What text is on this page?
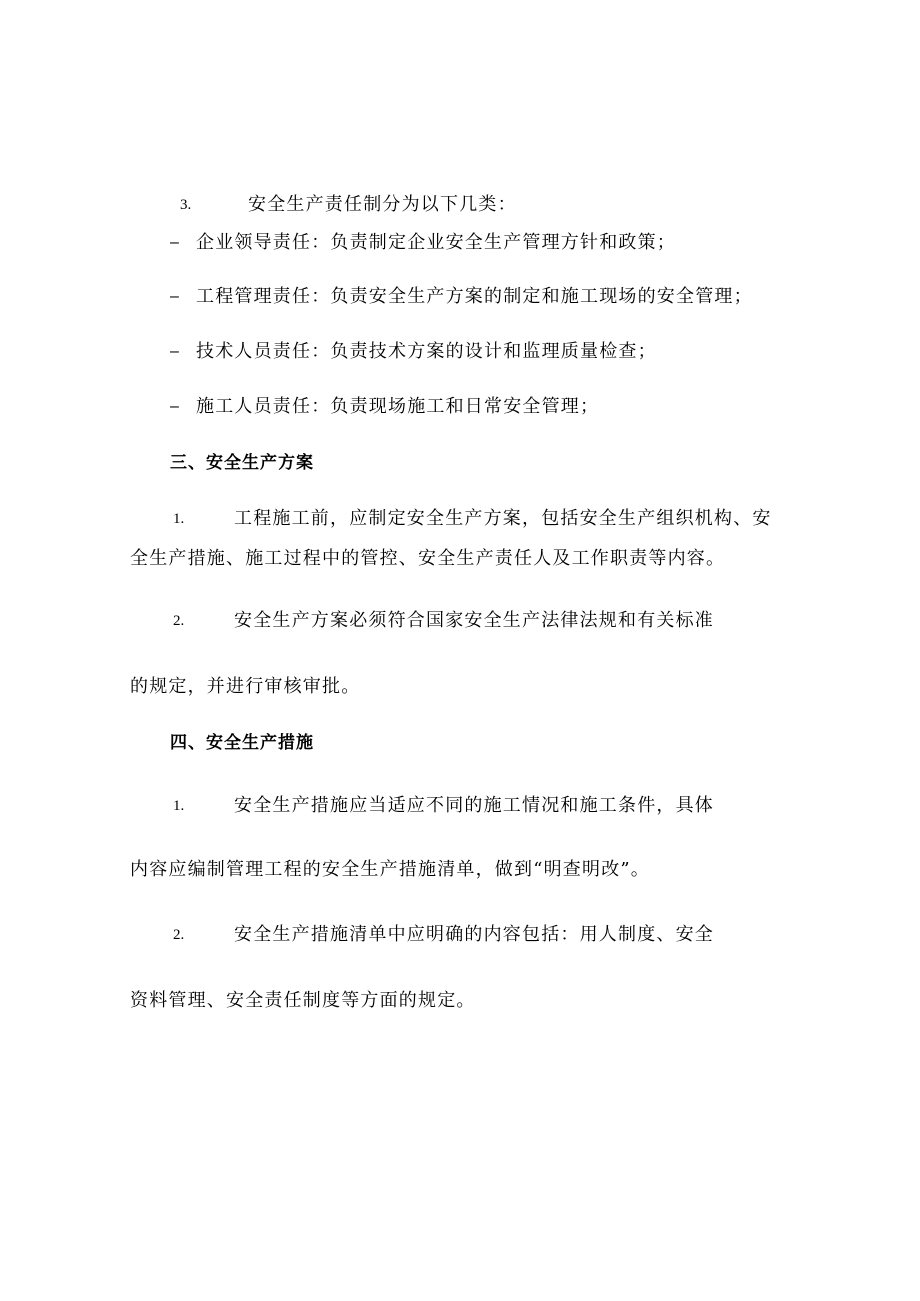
3.	安全生产责任制分为以下几类：
– 企业领导责任：负责制定企业安全生产管理方针和政策；
– 工程管理责任：负责安全生产方案的制定和施工现场的安全管理；
– 技术人员责任：负责技术方案的设计和监理质量检查；
– 施工人员责任：负责现场施工和日常安全管理；
三、安全生产方案
1.	工程施工前，应制定安全生产方案，包括安全生产组织机构、安
全生产措施、施工过程中的管控、安全生产责任人及工作职责等内容。
2.	安全生产方案必须符合国家安全生产法律法规和有关标准
的规定，并进行审核审批。
四、安全生产措施
1.	安全生产措施应当适应不同的施工情况和施工条件，具体
内容应编制管理工程的安全生产措施清单，做到“明查明改”。
2.	安全生产措施清单中应明确的内容包括：用人制度、安全
资料管理、安全责任制度等方面的规定。
